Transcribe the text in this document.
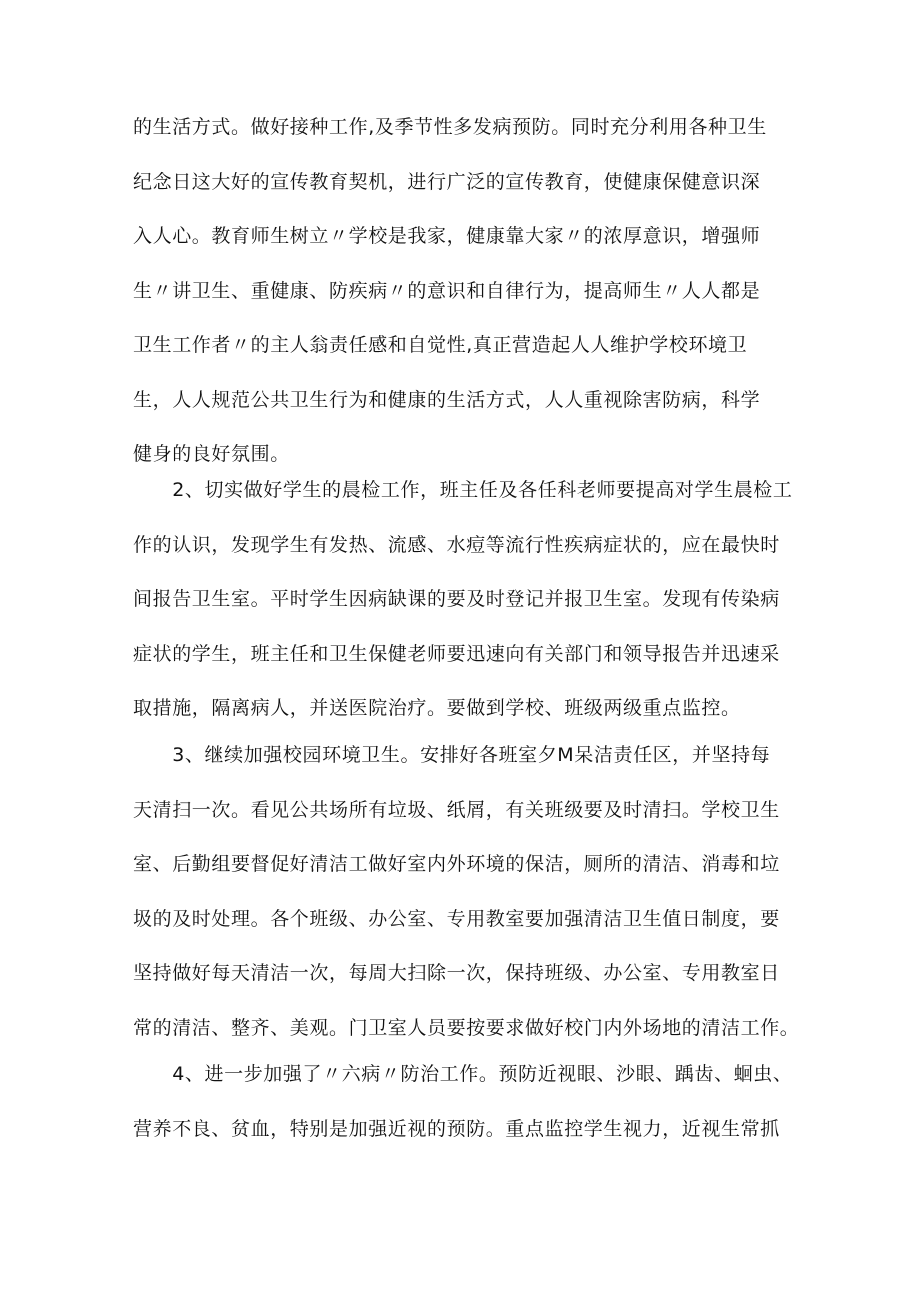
的生活方式。做好接种工作,及季节性多发病预防。同时充分利用各种卫生
纪念日这大好的宣传教育契机，进行广泛的宣传教育，使健康保健意识深
入人心。教育师生树立〃学校是我家，健康靠大家〃的浓厚意识，增强师
生〃讲卫生、重健康、防疾病〃的意识和自律行为，提高师生〃人人都是
卫生工作者〃的主人翁责任感和自觉性,真正营造起人人维护学校环境卫
生，人人规范公共卫生行为和健康的生活方式，人人重视除害防病，科学
健身的良好氛围。
　　2、切实做好学生的晨检工作，班主任及各任科老师要提高对学生晨检工
作的认识，发现学生有发热、流感、水痘等流行性疾病症状的，应在最快时
间报告卫生室。平时学生因病缺课的要及时登记并报卫生室。发现有传染病
症状的学生，班主任和卫生保健老师要迅速向有关部门和领导报告并迅速采
取措施，隔离病人，并送医院治疗。要做到学校、班级两级重点监控。
　　3、继续加强校园环境卫生。安排好各班室夕M呆洁责任区，并坚持每
天清扫一次。看见公共场所有垃圾、纸屑，有关班级要及时清扫。学校卫生
室、后勤组要督促好清洁工做好室内外环境的保洁，厕所的清洁、消毒和垃
圾的及时处理。各个班级、办公室、专用教室要加强清洁卫生值日制度，要
坚持做好每天清洁一次，每周大扫除一次，保持班级、办公室、专用教室日
常的清洁、整齐、美观。门卫室人员要按要求做好校门内外场地的清洁工作。
　　4、进一步加强了〃六病〃防治工作。预防近视眼、沙眼、踽齿、蛔虫、
营养不良、贫血，特别是加强近视的预防。重点监控学生视力，近视生常抓
